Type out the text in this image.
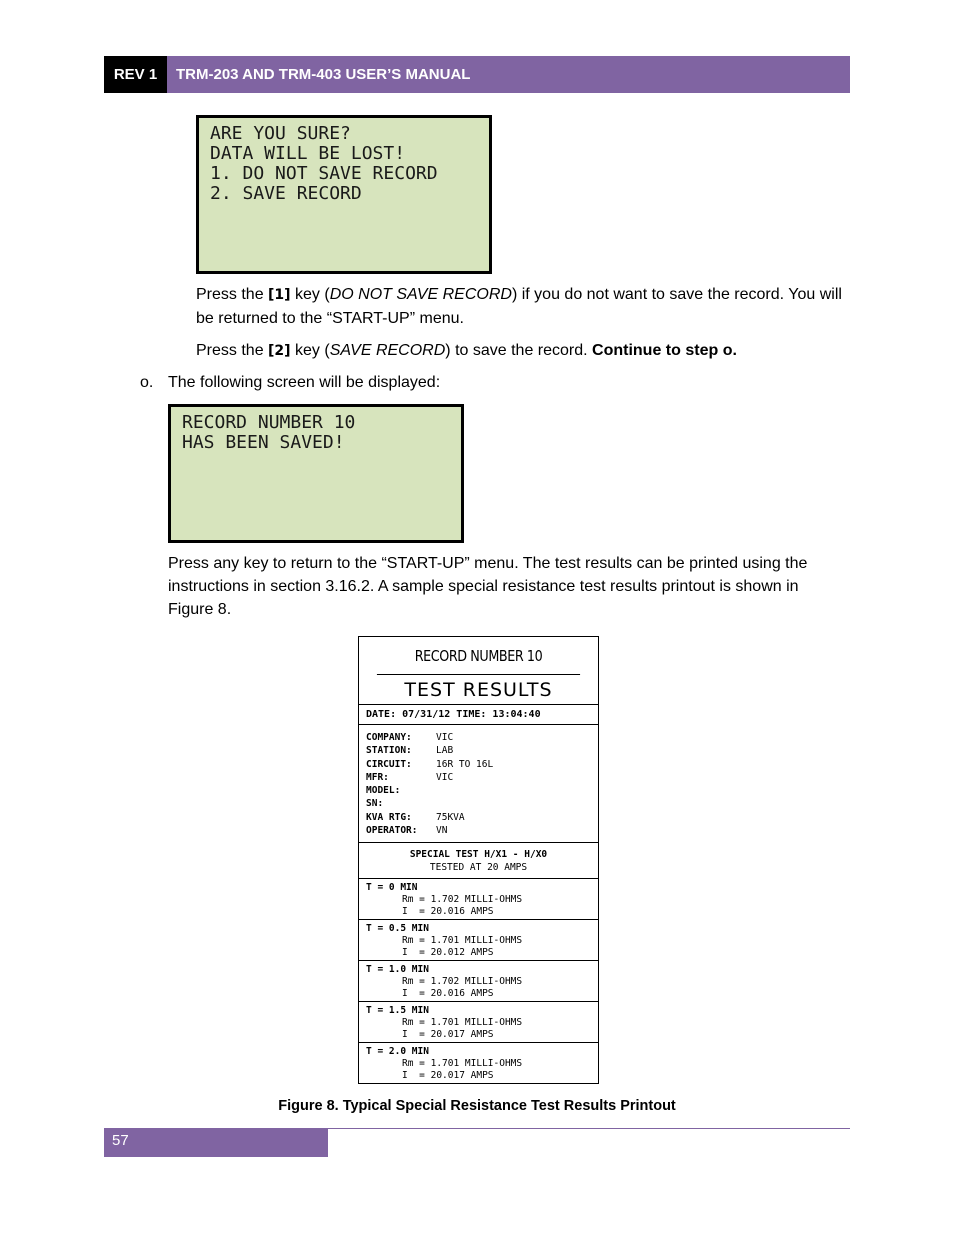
REV 1	TRM-203 AND TRM-403 USER’S MANUAL
ARE YOU SURE?
DATA WILL BE LOST!
1. DO NOT SAVE RECORD
2. SAVE RECORD
Press the [1] key (DO NOT SAVE RECORD) if you do not want to save the record. You will be returned to the “START-UP” menu.
Press the [2] key (SAVE RECORD) to save the record. Continue to step o.
o. The following screen will be displayed:
RECORD NUMBER 10
HAS BEEN SAVED!
Press any key to return to the “START-UP” menu. The test results can be printed using the instructions in section 3.16.2. A sample special resistance test results printout is shown in Figure 8.
RECORD NUMBER 10
TEST RESULTS
DATE: 07/31/12 TIME: 13:04:40
COMPANY:	VIC
STATION:	LAB
CIRCUIT:	16R TO 16L
MFR:	VIC
MODEL:
SN:
KVA RTG:	75KVA
OPERATOR:	VN
SPECIAL TEST H/X1 - H/X0
TESTED AT 20 AMPS
T = 0 MIN
Rm = 1.702 MILLI-OHMS
I  = 20.016 AMPS
T = 0.5 MIN
Rm = 1.701 MILLI-OHMS
I  = 20.012 AMPS
T = 1.0 MIN
Rm = 1.702 MILLI-OHMS
I  = 20.016 AMPS
T = 1.5 MIN
Rm = 1.701 MILLI-OHMS
I  = 20.017 AMPS
T = 2.0 MIN
Rm = 1.701 MILLI-OHMS
I  = 20.017 AMPS
Figure 8. Typical Special Resistance Test Results Printout
57
